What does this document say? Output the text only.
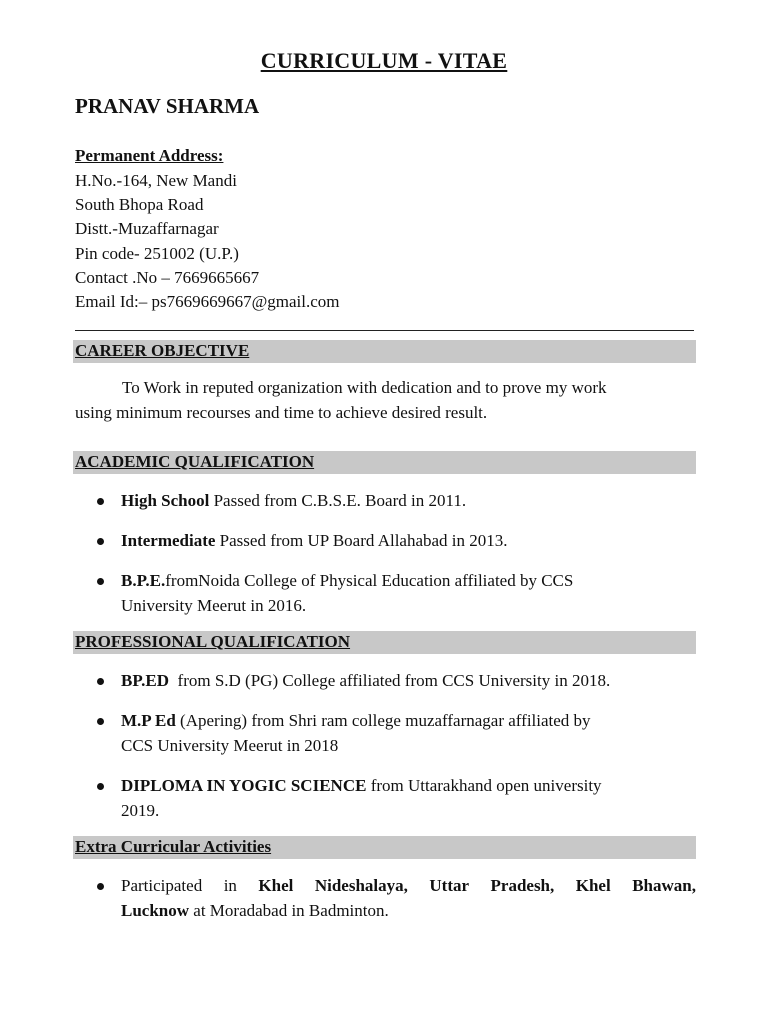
CURRICULUM - VITAE
PRANAV SHARMA
Permanent Address:
H.No.-164, New Mandi
South Bhopa Road
Distt.-Muzaffarnagar
Pin code- 251002 (U.P.)
Contact .No – 7669665667
Email Id:– ps7669669667@gmail.com
CAREER OBJECTIVE
To Work in reputed organization with dedication and to prove my work
using minimum recourses and time to achieve desired result.
ACADEMIC QUALIFICATION
High School Passed from C.B.S.E. Board in 2011.
Intermediate Passed from UP Board Allahabad in 2013.
B.P.E.fromNoida College of Physical Education affiliated by CCS
University Meerut in 2016.
PROFESSIONAL QUALIFICATION
BP.ED  from S.D (PG) College affiliated from CCS University in 2018.
M.P Ed (Apering) from Shri ram college muzaffarnagar affiliated by
CCS University Meerut in 2018
DIPLOMA IN YOGIC SCIENCE from Uttarakhand open university
2019.
Extra Curricular Activities
Participated in Khel Nideshalaya, Uttar Pradesh, Khel Bhawan,
Lucknow at Moradabad in Badminton.
